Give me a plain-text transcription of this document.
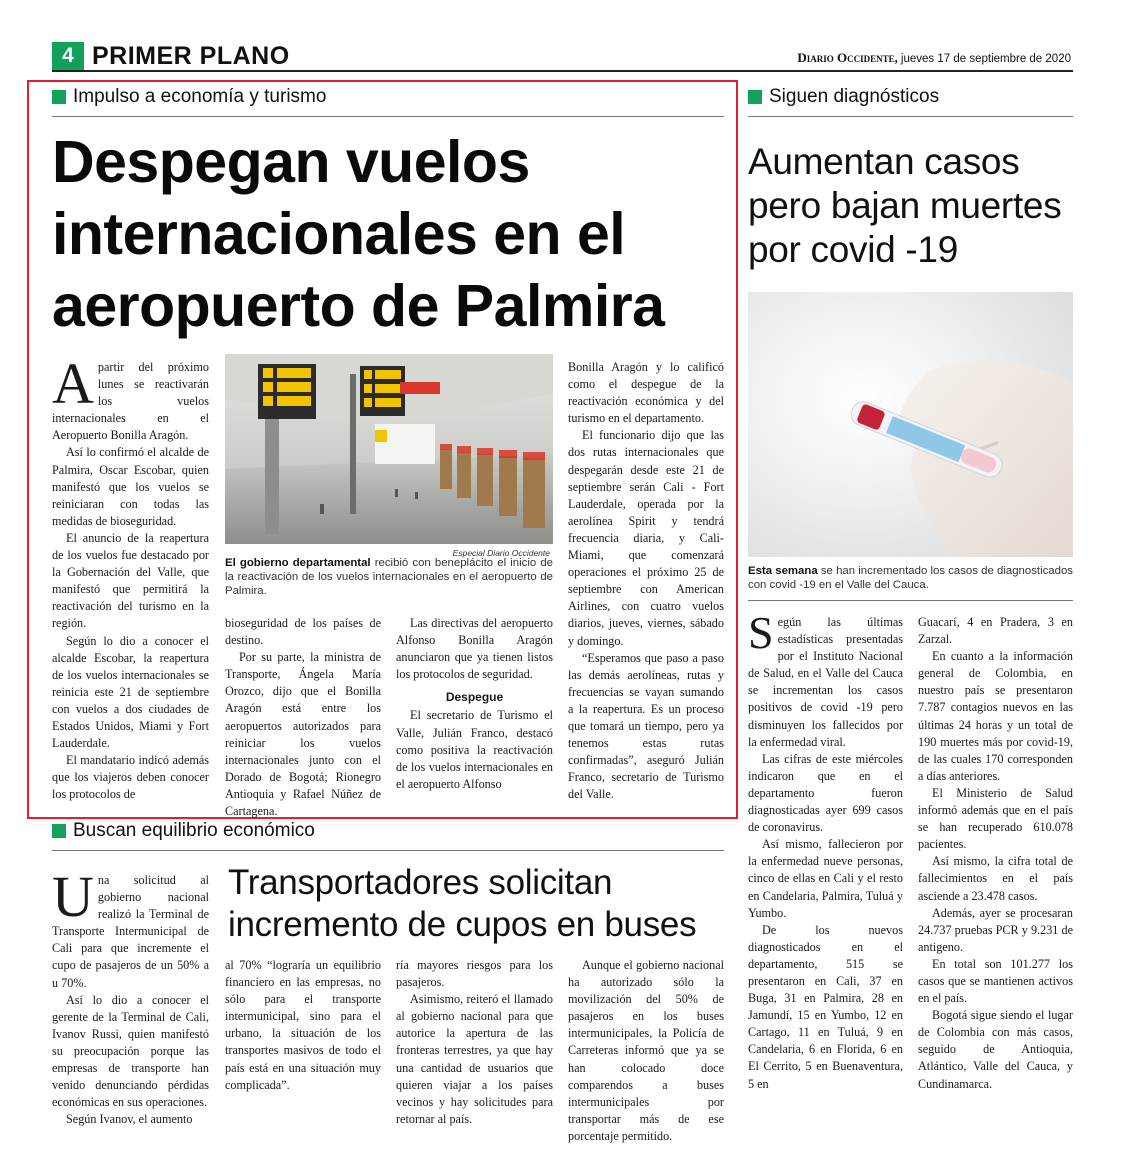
4 PRIMER PLANO	Diario Occidente, jueves 17 de septiembre de 2020
Impulso a economía y turismo
Despegan vuelos internacionales en el aeropuerto de Palmira
Especial Diario Occidente
El gobierno departamental recibió con beneplácito el inicio de la reactivación de los vuelos internacionales en el aeropuerto de Palmira.

Apartir del próximo lunes se reactivarán los vuelos internacionales en el Aeropuerto Bonilla Aragón.

Así lo confirmó el alcalde de Palmira, Oscar Escobar, quien manifestó que los vuelos se reiniciaran con todas las medidas de bioseguridad.

El anuncio de la reapertura de los vuelos fue destacado por la Gobernación del Valle, que manifestó que permitirá la reactivación del turismo en la región.

Según lo dio a conocer el alcalde Escobar, la reapertura de los vuelos internacionales se reinicia este 21 de septiembre con vuelos a dos ciudades de Estados Unidos, Miami y Fort Lauderdale.

El mandatario indicó además que los viajeros deben conocer los protocolos de

bioseguridad de los países de destino.

Por su parte, la ministra de Transporte, Ángela María Orozco, dijo que el Bonilla Aragón está entre los aeropuertos autorizados para reiniciar los vuelos internacionales junto con el Dorado de Bogotá; Rionegro Antioquia y Rafael Núñez de Cartagena.

Las directivas del aeropuerto Alfonso Bonilla Aragón anunciaron que ya tienen listos los protocolos de seguridad.

Despegue

El secretario de Turismo el Valle, Julián Franco, destacó como positiva la reactivación de los vuelos internacionales en el aeropuerto Alfonso

Bonilla Aragón y lo calificó como el despegue de la reactivación económica y del turismo en el departamento.

El funcionario dijo que las dos rutas internacionales que despegarán desde este 21 de septiembre serán Cali - Fort Lauderdale, operada por la aerolínea Spirit y tendrá frecuencia diaria, y Cali-Miami, que comenzará operaciones el próximo 25 de septiembre con American Airlines, con cuatro vuelos diarios, jueves, viernes, sábado y domingo.

“Esperamos que paso a paso las demás aerolíneas, rutas y frecuencias se vayan sumando a la reapertura. Es un proceso que tomará un tiempo, pero ya tenemos estas rutas confirmadas”, aseguró Julián Franco, secretario de Turismo del Valle.

Siguen diagnósticos
Aumentan casos pero bajan muertes por covid -19
Esta semana se han incrementado los casos de diagnosticados con covid -19 en el Valle del Cauca.

Según las últimas estadísticas presentadas por el Instituto Nacional de Salud, en el Valle del Cauca se incrementan los casos positivos de covid -19 pero disminuyen los fallecidos por la enfermedad viral.

Las cifras de este miércoles indicaron que en el departamento fueron diagnosticadas ayer 699 casos de coronavirus.

Así mismo, fallecieron por la enfermedad nueve personas, cinco de ellas en Cali y el resto en Candelaria, Palmira, Tuluá y Yumbo.

De los nuevos diagnosticados en el departamento, 515 se presentaron en Cali, 37 en Buga, 31 en Palmira, 28 en Jamundí, 15 en Yumbo, 12 en Cartago, 11 en Tuluá, 9 en Candelaria, 6 en Florida, 6 en El Cerrito, 5 en Buenaventura, 5 en

Guacarí, 4 en Pradera, 3 en Zarzal.

En cuanto a la información general de Colombia, en nuestro país se presentaron 7.787 contagios nuevos en las últimas 24 horas y un total de 190 muertes más por covid-19, de las cuales 170 corresponden a días anteriores.

El Ministerio de Salud informó además que en el país se han recuperado 610.078 pacientes.

Así mismo, la cifra total de fallecimientos en el país asciende a 23.478 casos.

Además, ayer se procesaran 24.737 pruebas PCR y 9.231 de antigeno.

En total son 101.277 los casos que se mantienen activos en el país.

Bogotá sigue siendo el lugar de Colombia con más casos, seguido de Antioquia, Atlántico, Valle del Cauca, y Cundinamarca.

Buscan equilibrio económico
Transportadores solicitan incremento de cupos en buses

Una solicitud al gobierno nacional realizó la Terminal de Transporte Intermunicipal de Cali para que incremente el cupo de pasajeros de un 50% a u 70%.

Así lo dio a conocer el gerente de la Terminal de Cali, Ivanov Russi, quien manifestó su preocupación porque las empresas de transporte han venido denunciando pérdidas económicas en sus operaciones.

Según Ivanov, el aumento

al 70% “lograría un equilibrio financiero en las empresas, no sólo para el transporte intermunicipal, sino para el urbano, la situación de los transportes masivos de todo el país está en una situación muy complicada”.

ría mayores riesgos para los pasajeros.

Asimismo, reiteró el llamado al gobierno nacional para que autorice la apertura de las fronteras terrestres, ya que hay una cantidad de usuarios que quieren viajar a los países vecinos y hay solicitudes para retornar al país.

Aunque el gobierno nacional ha autorizado sólo la movilización del 50% de pasajeros en los buses intermunicipales, la Policía de Carreteras informó que ya se han colocado doce comparendos a buses intermunicipales por transportar más de ese porcentaje permitido.
